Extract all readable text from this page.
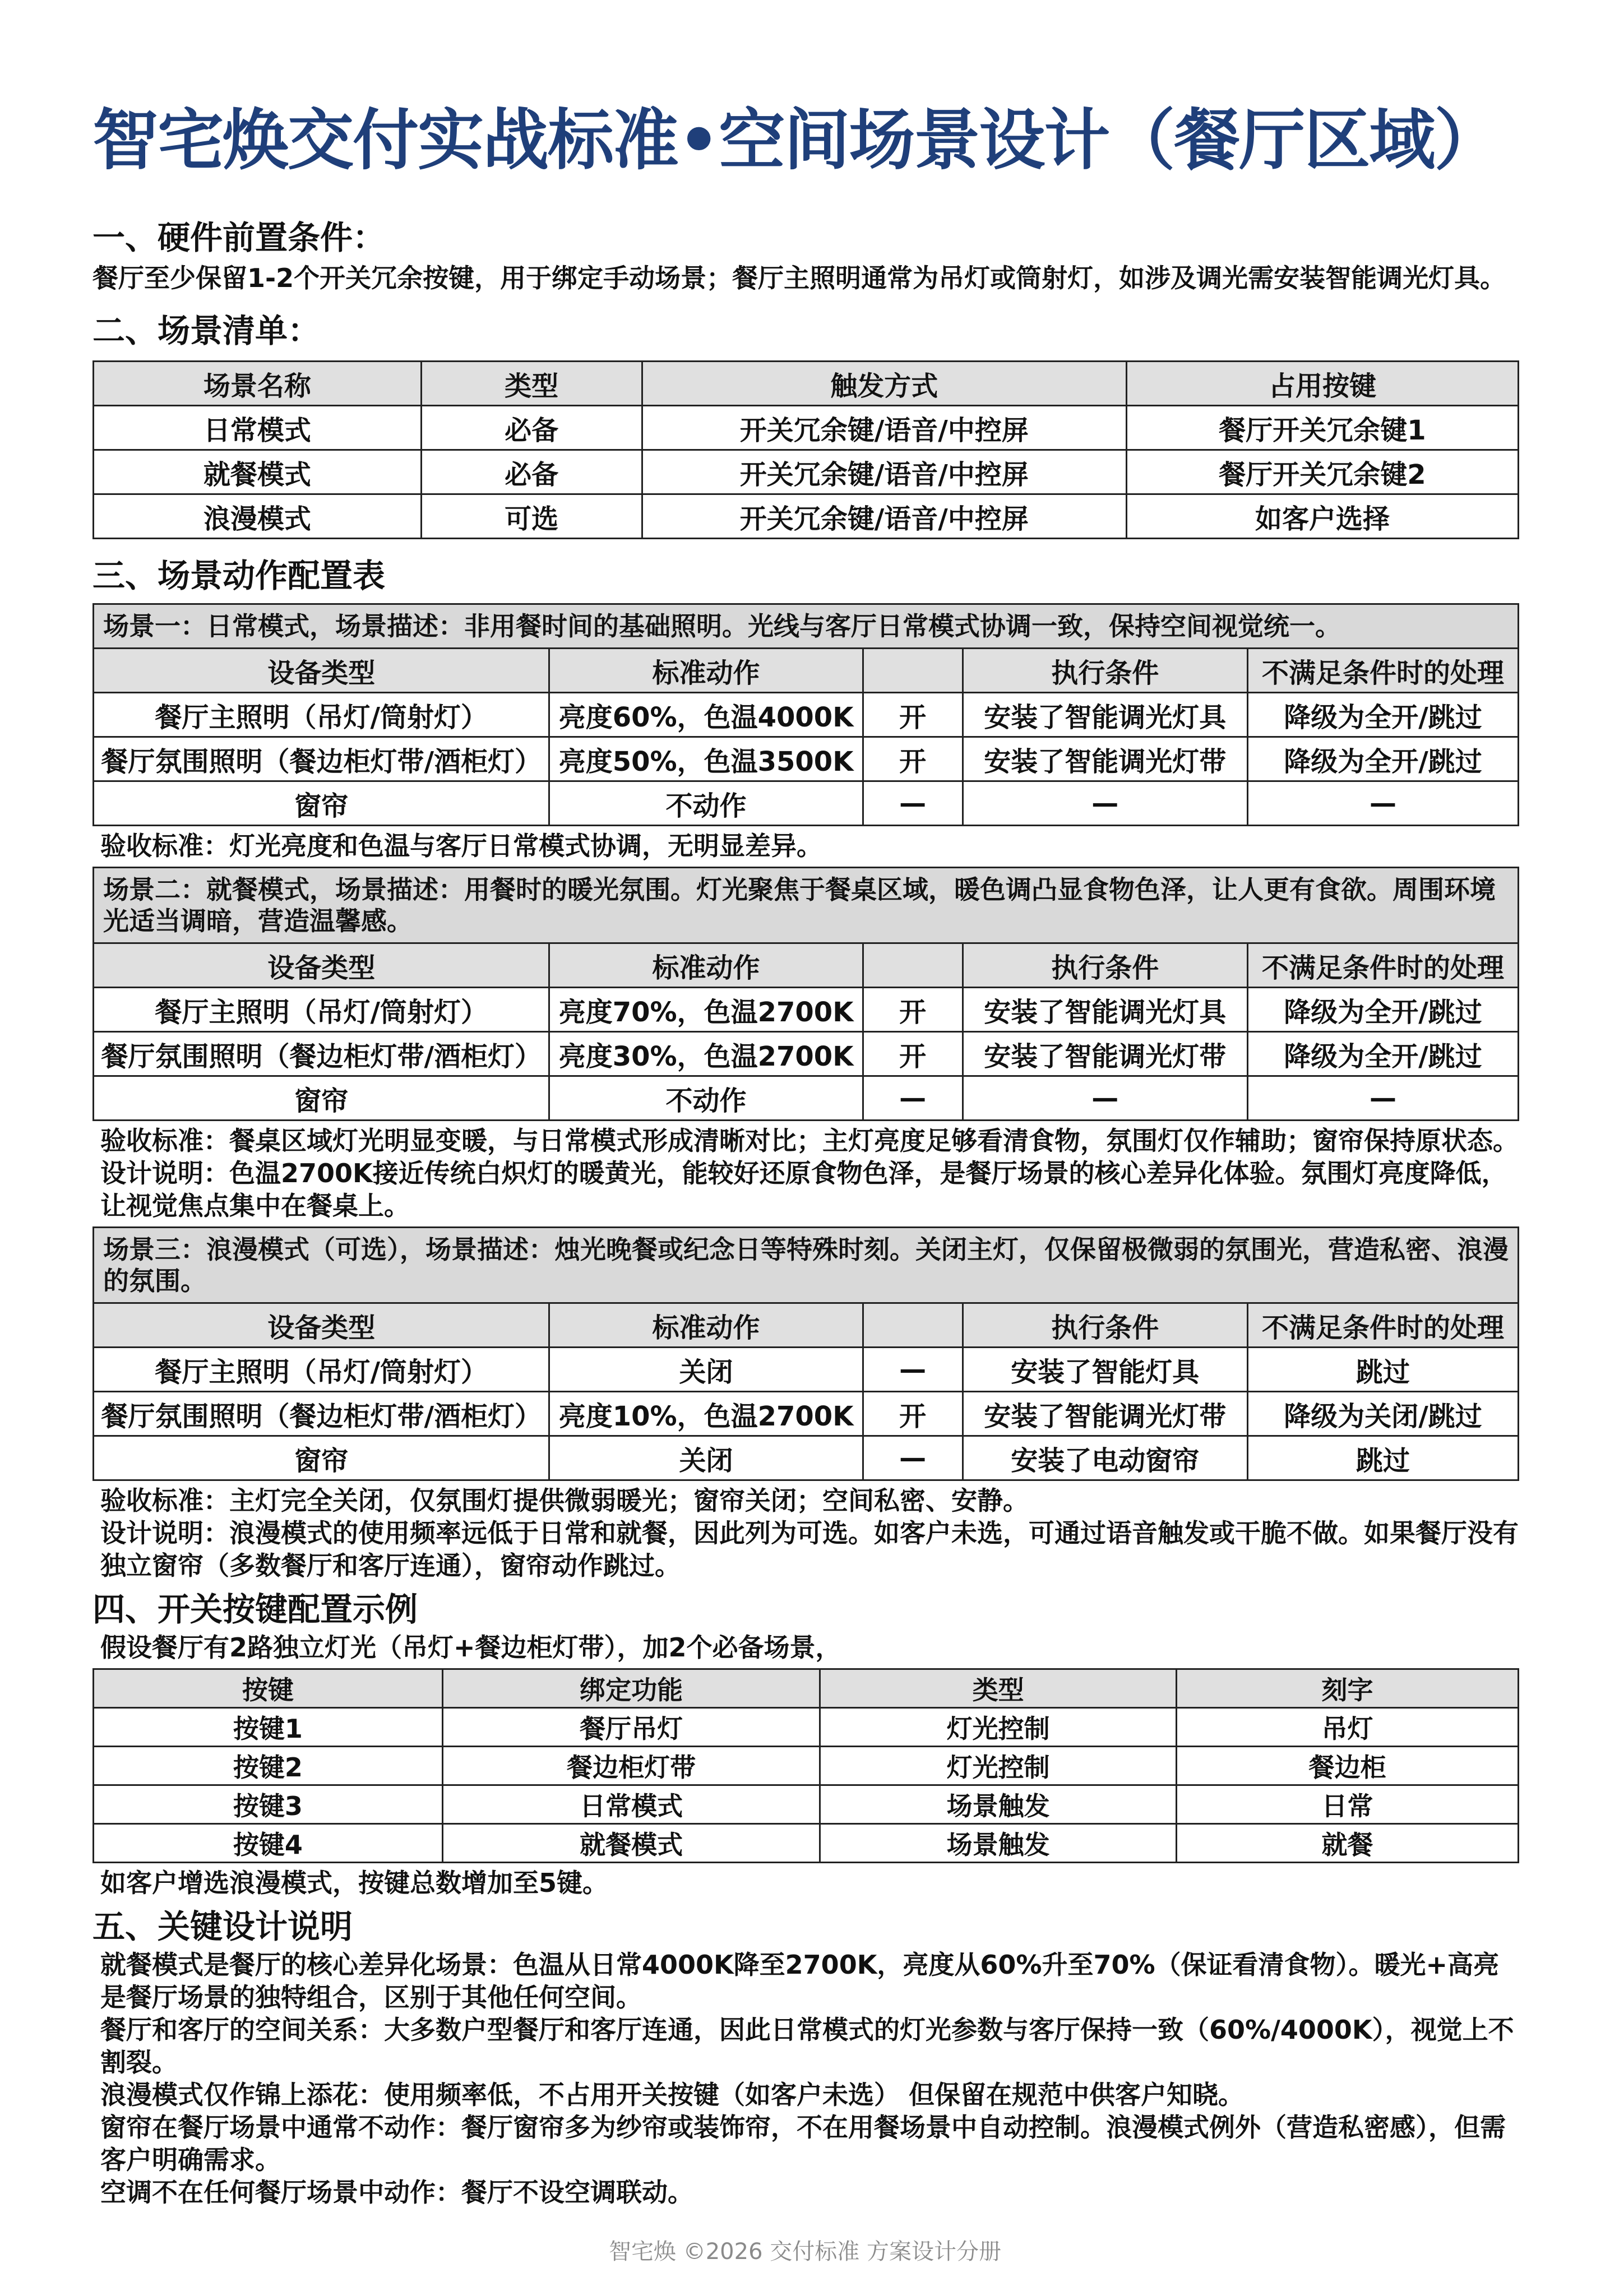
智宅焕交付实战标准•空间场景设计（餐厅区域）
一、硬件前置条件：

餐厅至少保留1-2个开关冗余按键，用于绑定手动场景；餐厅主照明通常为吊灯或筒射灯，如涉及调光需安装智能调光灯具。

二、场景清单：
场景名称	类型	触发方式	占用按键
日常模式	必备	开关冗余键/语音/中控屏	餐厅开关冗余键1
就餐模式	必备	开关冗余键/语音/中控屏	餐厅开关冗余键2
浪漫模式	可选	开关冗余键/语音/中控屏	如客户选择
三、场景动作配置表
场景一：日常模式，场景描述：非用餐时间的基础照明。光线与客厅日常模式协调一致，保持空间视觉统一。
设备类型	标准动作		执行条件	不满足条件时的处理
餐厅主照明（吊灯/筒射灯）	亮度60%，色温4000K	开	安装了智能调光灯具	降级为全开/跳过
餐厅氛围照明（餐边柜灯带/酒柜灯）	亮度50%，色温3500K	开	安装了智能调光灯带	降级为全开/跳过
窗帘	不动作	—	—	—

验收标准：灯光亮度和色温与客厅日常模式协调，无明显差异。

场景二：就餐模式，场景描述：用餐时的暖光氛围。灯光聚焦于餐桌区域，暖色调凸显食物色泽，让人更有食欲。周围环境光适当调暗，营造温馨感。
设备类型	标准动作		执行条件	不满足条件时的处理
餐厅主照明（吊灯/筒射灯）	亮度70%，色温2700K	开	安装了智能调光灯具	降级为全开/跳过
餐厅氛围照明（餐边柜灯带/酒柜灯）	亮度30%，色温2700K	开	安装了智能调光灯带	降级为全开/跳过
窗帘	不动作	—	—	—

验收标准：餐桌区域灯光明显变暖，与日常模式形成清晰对比；主灯亮度足够看清食物，氛围灯仅作辅助；窗帘保持原状态。

设计说明：色温2700K接近传统白炽灯的暖黄光，能较好还原食物色泽，是餐厅场景的核心差异化体验。氛围灯亮度降低，让视觉焦点集中在餐桌上。

场景三：浪漫模式（可选），场景描述：烛光晚餐或纪念日等特殊时刻。关闭主灯，仅保留极微弱的氛围光，营造私密、浪漫的氛围。
设备类型	标准动作		执行条件	不满足条件时的处理
餐厅主照明（吊灯/筒射灯）	关闭	—	安装了智能灯具	跳过
餐厅氛围照明（餐边柜灯带/酒柜灯）	亮度10%，色温2700K	开	安装了智能调光灯带	降级为关闭/跳过
窗帘	关闭	—	安装了电动窗帘	跳过

验收标准：主灯完全关闭，仅氛围灯提供微弱暖光；窗帘关闭；空间私密、安静。

设计说明：浪漫模式的使用频率远低于日常和就餐，因此列为可选。如客户未选，可通过语音触发或干脆不做。如果餐厅没有独立窗帘（多数餐厅和客厅连通），窗帘动作跳过。

四、开关按键配置示例

假设餐厅有2路独立灯光（吊灯+餐边柜灯带），加2个必备场景，

按键	绑定功能	类型	刻字
按键1	餐厅吊灯	灯光控制	吊灯
按键2	餐边柜灯带	灯光控制	餐边柜
按键3	日常模式	场景触发	日常
按键4	就餐模式	场景触发	就餐

如客户增选浪漫模式，按键总数增加至5键。

五、关键设计说明

就餐模式是餐厅的核心差异化场景：色温从日常4000K降至2700K，亮度从60%升至70%（保证看清食物）。暖光+高亮是餐厅场景的独特组合，区别于其他任何空间。

餐厅和客厅的空间关系：大多数户型餐厅和客厅连通，因此日常模式的灯光参数与客厅保持一致（60%/4000K），视觉上不割裂。

浪漫模式仅作锦上添花：使用频率低，不占用开关按键（如客户未选） 但保留在规范中供客户知晓。

窗帘在餐厅场景中通常不动作：餐厅窗帘多为纱帘或装饰帘，不在用餐场景中自动控制。浪漫模式例外（营造私密感），但需客户明确需求。

空调不在任何餐厅场景中动作：餐厅不设空调联动。

智宅焕 ©2026 交付标准 方案设计分册
